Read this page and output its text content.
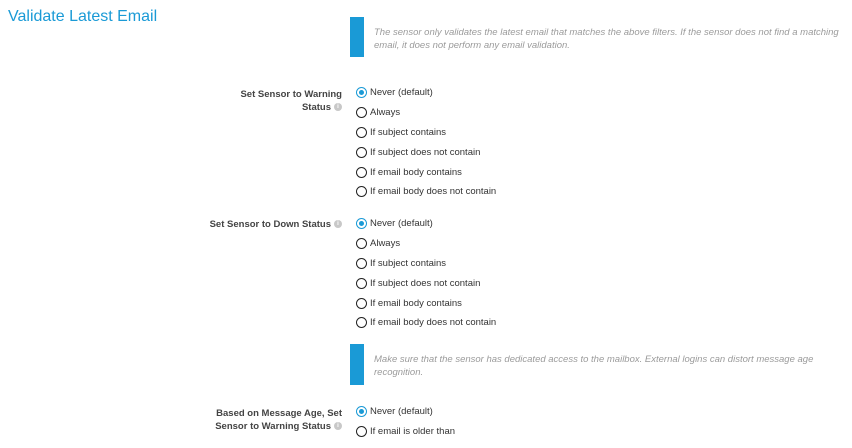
Validate Latest Email
The sensor only validates the latest email that matches the above filters. If the sensor does not find a matching email, it does not perform any email validation.
Set Sensor to Warning
Status i
Never (default)
Always
If subject contains
If subject does not contain
If email body contains
If email body does not contain
Set Sensor to Down Status i	Never (default)
Always
If subject contains
If subject does not contain
If email body contains
If email body does not contain
Make sure that the sensor has dedicated access to the mailbox. External logins can distort message age recognition.
Based on Message Age, Set
Sensor to Warning Status i
Never (default)
If email is older than
